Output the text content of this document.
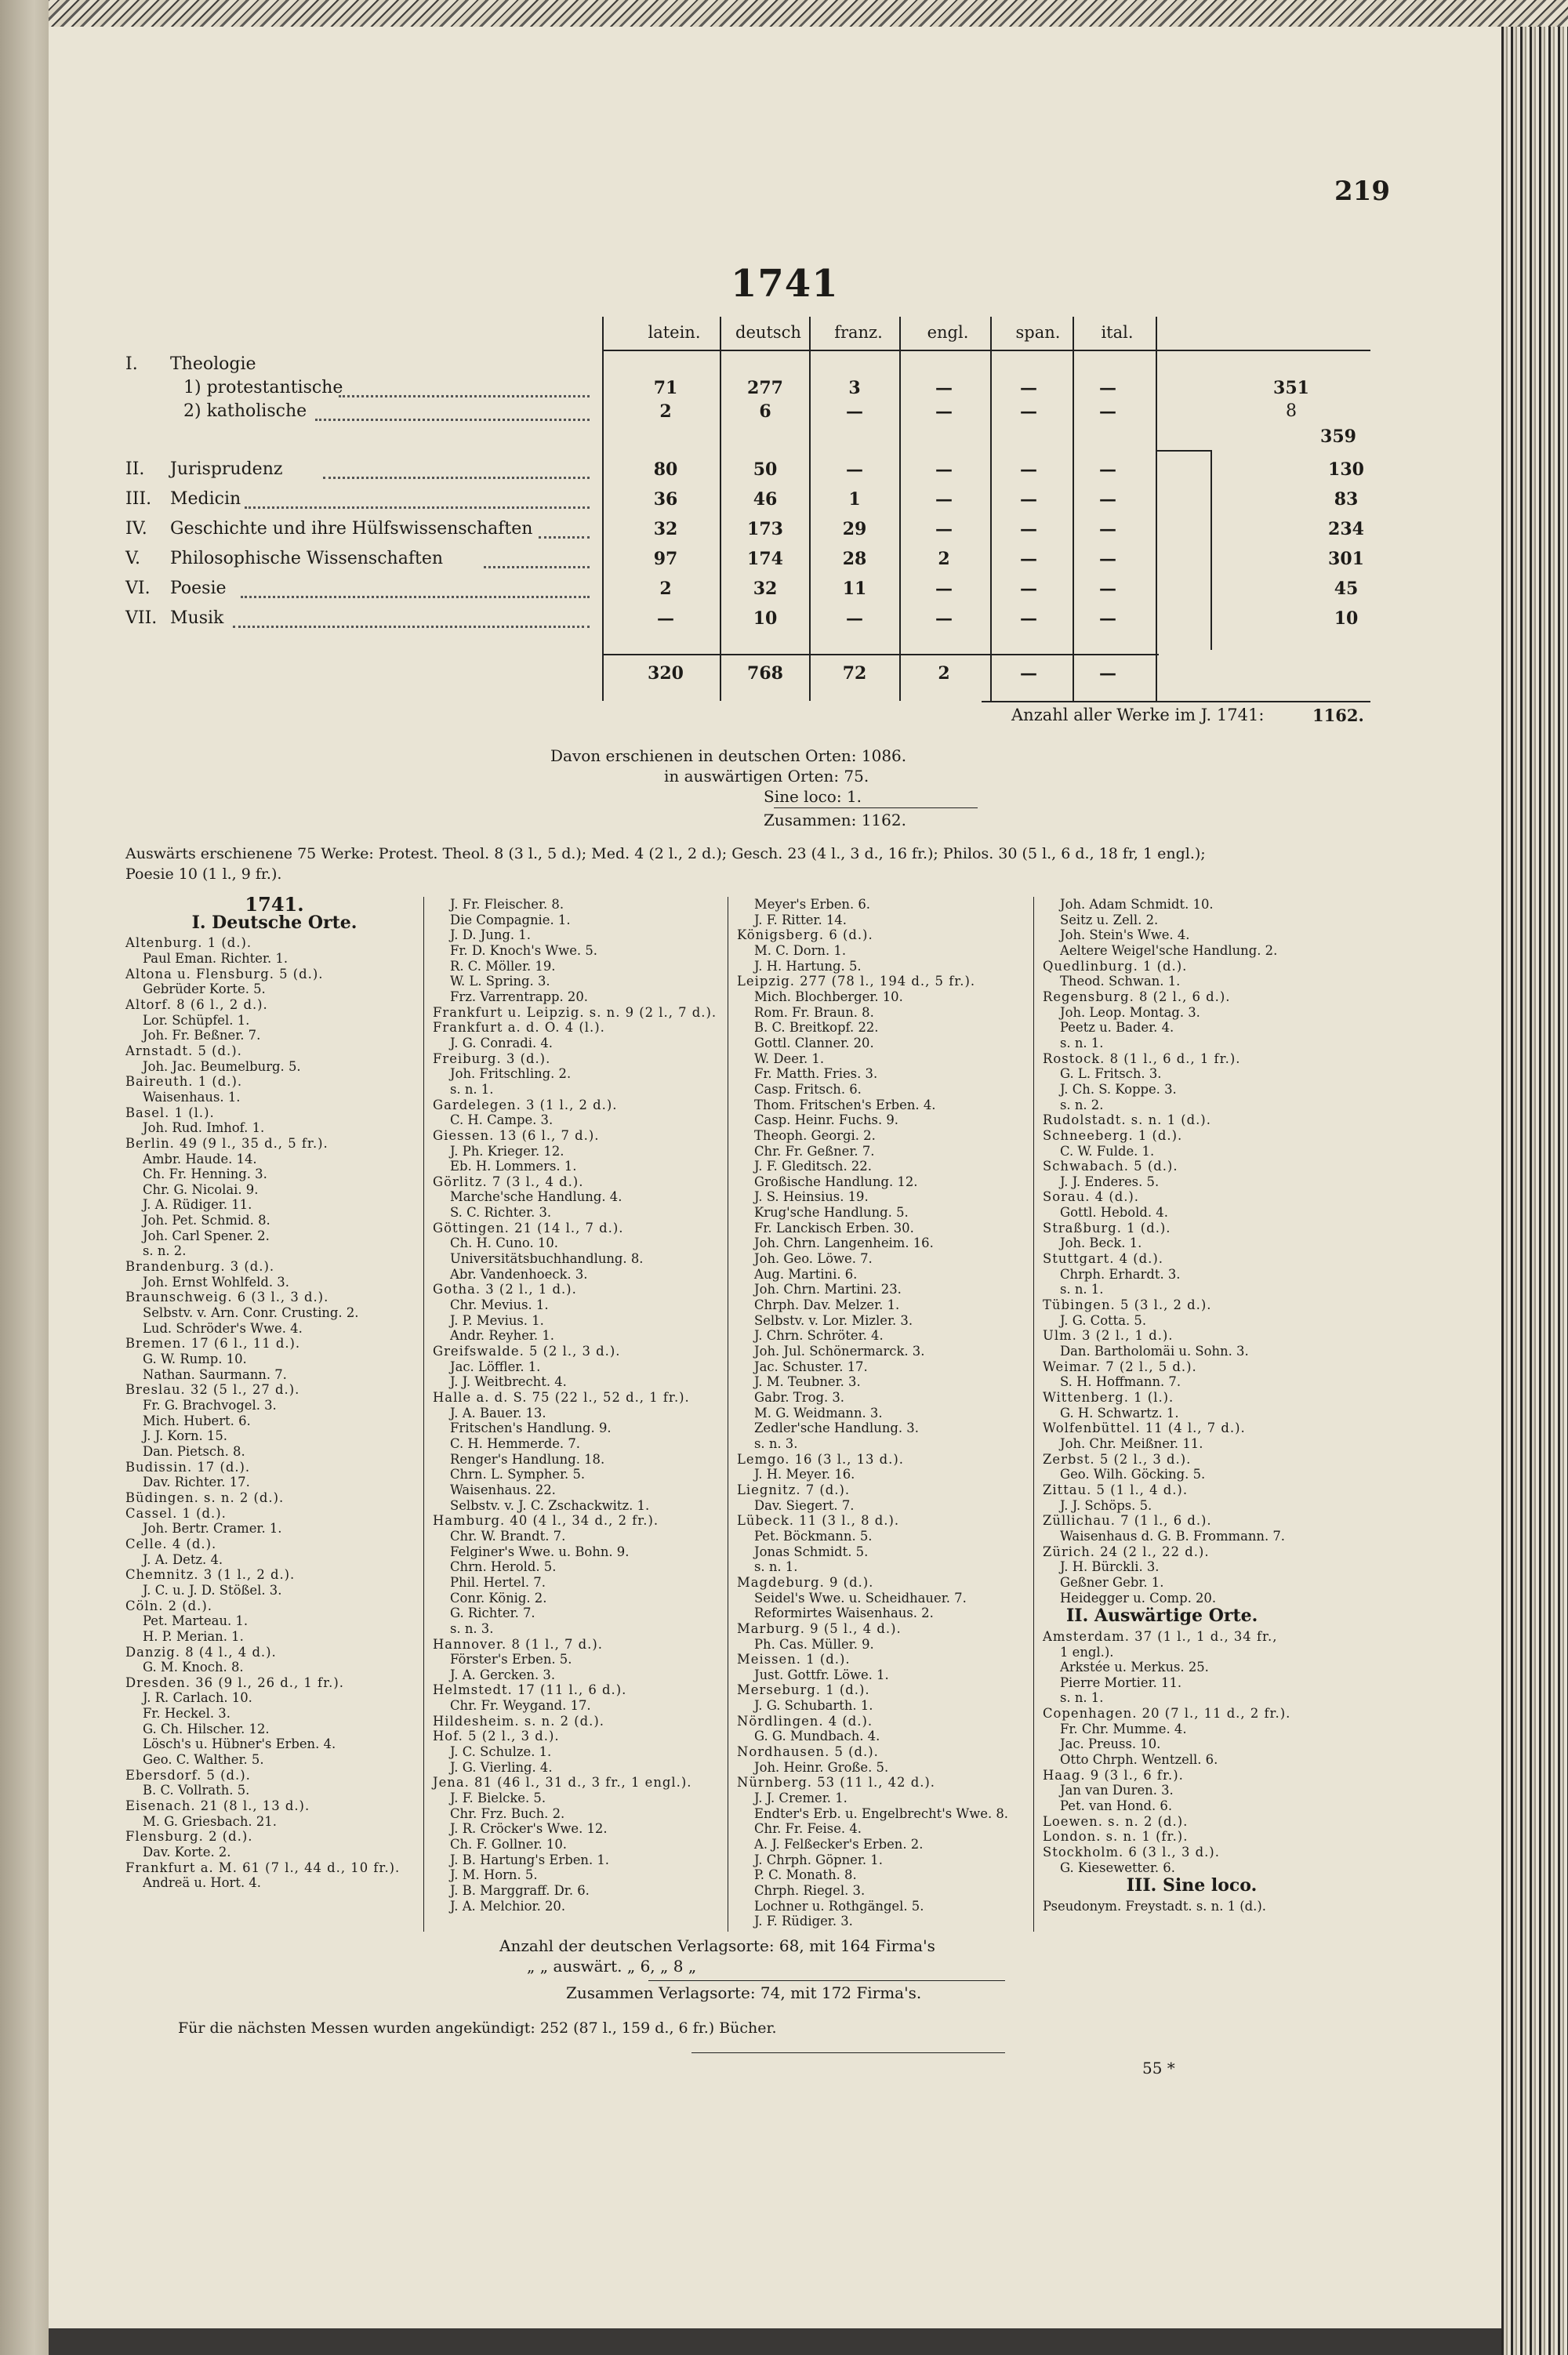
219
1741
latein.	deutsch	franz.	engl.	span.	ital.
I. Theologie
1) protestantische	71	277	3	—	—	—	351
2) katholische	2	6	—	—	—	—	8
359
II. Jurisprudenz	80	50	—	—	—	—	130
III. Medicin	36	46	1	—	—	—	83
IV. Geschichte und ihre Hülfswissenschaften	32	173	29	—	—	—	234
V. Philosophische Wissenschaften	97	174	28	2	—	—	301
VI. Poesie	2	32	11	—	—	—	45
VII. Musik	—	10	—	—	—	—	10
320	768	72	2	—	—
Anzahl aller Werke im J. 1741:	1162.
Davon erschienen in deutschen Orten: 1086.
in auswärtigen Orten: 75.
Sine loco: 1.
Zusammen: 1162.
Auswärts erschienene 75 Werke: Protest. Theol. 8 (3 l., 5 d.); Med. 4 (2 l., 2 d.); Gesch. 23 (4 l., 3 d., 16 fr.); Philos. 30 (5 l., 6 d., 18 fr, 1 engl.);
Poesie 10 (1 l., 9 fr.).
1741.
I. Deutsche Orte.
Altenburg. 1 (d.).
Paul Eman. Richter. 1.
Altona u. Flensburg. 5 (d.).
Gebrüder Korte. 5.
Altorf. 8 (6 l., 2 d.).
Lor. Schüpfel. 1.
Joh. Fr. Beßner. 7.
Arnstadt. 5 (d.).
Joh. Jac. Beumelburg. 5.
Baireuth. 1 (d.).
Waisenhaus. 1.
Basel. 1 (l.).
Joh. Rud. Imhof. 1.
Berlin. 49 (9 l., 35 d., 5 fr.).
Ambr. Haude. 14.
Ch. Fr. Henning. 3.
Chr. G. Nicolai. 9.
J. A. Rüdiger. 11.
Joh. Pet. Schmid. 8.
Joh. Carl Spener. 2.
s. n. 2.
Brandenburg. 3 (d.).
Joh. Ernst Wohlfeld. 3.
Braunschweig. 6 (3 l., 3 d.).
Selbstv. v. Arn. Conr. Crusting. 2.
Lud. Schröder's Wwe. 4.
Bremen. 17 (6 l., 11 d.).
G. W. Rump. 10.
Nathan. Saurmann. 7.
Breslau. 32 (5 l., 27 d.).
Fr. G. Brachvogel. 3.
Mich. Hubert. 6.
J. J. Korn. 15.
Dan. Pietsch. 8.
Budissin. 17 (d.).
Dav. Richter. 17.
Büdingen. s. n. 2 (d.).
Cassel. 1 (d.).
Joh. Bertr. Cramer. 1.
Celle. 4 (d.).
J. A. Detz. 4.
Chemnitz. 3 (1 l., 2 d.).
J. C. u. J. D. Stößel. 3.
Cöln. 2 (d.).
Pet. Marteau. 1.
H. P. Merian. 1.
Danzig. 8 (4 l., 4 d.).
G. M. Knoch. 8.
Dresden. 36 (9 l., 26 d., 1 fr.).
J. R. Carlach. 10.
Fr. Heckel. 3.
G. Ch. Hilscher. 12.
Lösch's u. Hübner's Erben. 4.
Geo. C. Walther. 5.
Ebersdorf. 5 (d.).
B. C. Vollrath. 5.
Eisenach. 21 (8 l., 13 d.).
M. G. Griesbach. 21.
Flensburg. 2 (d.).
Dav. Korte. 2.
Frankfurt a. M. 61 (7 l., 44 d., 10 fr.).
Andreä u. Hort. 4.
J. Fr. Fleischer. 8.
Die Compagnie. 1.
J. D. Jung. 1.
Fr. D. Knoch's Wwe. 5.
R. C. Möller. 19.
W. L. Spring. 3.
Frz. Varrentrapp. 20.
Frankfurt u. Leipzig. s. n. 9 (2 l., 7 d.).
Frankfurt a. d. O. 4 (l.).
J. G. Conradi. 4.
Freiburg. 3 (d.).
Joh. Fritschling. 2.
s. n. 1.
Gardelegen. 3 (1 l., 2 d.).
C. H. Campe. 3.
Giessen. 13 (6 l., 7 d.).
J. Ph. Krieger. 12.
Eb. H. Lommers. 1.
Görlitz. 7 (3 l., 4 d.).
Marche'sche Handlung. 4.
S. C. Richter. 3.
Göttingen. 21 (14 l., 7 d.).
Ch. H. Cuno. 10.
Universitätsbuchhandlung. 8.
Abr. Vandenhoeck. 3.
Gotha. 3 (2 l., 1 d.).
Chr. Mevius. 1.
J. P. Mevius. 1.
Andr. Reyher. 1.
Greifswalde. 5 (2 l., 3 d.).
Jac. Löffler. 1.
J. J. Weitbrecht. 4.
Halle a. d. S. 75 (22 l., 52 d., 1 fr.).
J. A. Bauer. 13.
Fritschen's Handlung. 9.
C. H. Hemmerde. 7.
Renger's Handlung. 18.
Chrn. L. Sympher. 5.
Waisenhaus. 22.
Selbstv. v. J. C. Zschackwitz. 1.
Hamburg. 40 (4 l., 34 d., 2 fr.).
Chr. W. Brandt. 7.
Felginer's Wwe. u. Bohn. 9.
Chrn. Herold. 5.
Phil. Hertel. 7.
Conr. König. 2.
G. Richter. 7.
s. n. 3.
Hannover. 8 (1 l., 7 d.).
Förster's Erben. 5.
J. A. Gercken. 3.
Helmstedt. 17 (11 l., 6 d.).
Chr. Fr. Weygand. 17.
Hildesheim. s. n. 2 (d.).
Hof. 5 (2 l., 3 d.).
J. C. Schulze. 1.
J. G. Vierling. 4.
Jena. 81 (46 l., 31 d., 3 fr., 1 engl.).
J. F. Bielcke. 5.
Chr. Frz. Buch. 2.
J. R. Cröcker's Wwe. 12.
Ch. F. Gollner. 10.
J. B. Hartung's Erben. 1.
J. M. Horn. 5.
J. B. Marggraff. Dr. 6.
J. A. Melchior. 20.
Meyer's Erben. 6.
J. F. Ritter. 14.
Königsberg. 6 (d.).
M. C. Dorn. 1.
J. H. Hartung. 5.
Leipzig. 277 (78 l., 194 d., 5 fr.).
Mich. Blochberger. 10.
Rom. Fr. Braun. 8.
B. C. Breitkopf. 22.
Gottl. Clanner. 20.
W. Deer. 1.
Fr. Matth. Fries. 3.
Casp. Fritsch. 6.
Thom. Fritschen's Erben. 4.
Casp. Heinr. Fuchs. 9.
Theoph. Georgi. 2.
Chr. Fr. Geßner. 7.
J. F. Gleditsch. 22.
Großische Handlung. 12.
J. S. Heinsius. 19.
Krug'sche Handlung. 5.
Fr. Lanckisch Erben. 30.
Joh. Chrn. Langenheim. 16.
Joh. Geo. Löwe. 7.
Aug. Martini. 6.
Joh. Chrn. Martini. 23.
Chrph. Dav. Melzer. 1.
Selbstv. v. Lor. Mizler. 3.
J. Chrn. Schröter. 4.
Joh. Jul. Schönermarck. 3.
Jac. Schuster. 17.
J. M. Teubner. 3.
Gabr. Trog. 3.
M. G. Weidmann. 3.
Zedler'sche Handlung. 3.
s. n. 3.
Lemgo. 16 (3 l., 13 d.).
J. H. Meyer. 16.
Liegnitz. 7 (d.).
Dav. Siegert. 7.
Lübeck. 11 (3 l., 8 d.).
Pet. Böckmann. 5.
Jonas Schmidt. 5.
s. n. 1.
Magdeburg. 9 (d.).
Seidel's Wwe. u. Scheidhauer. 7.
Reformirtes Waisenhaus. 2.
Marburg. 9 (5 l., 4 d.).
Ph. Cas. Müller. 9.
Meissen. 1 (d.).
Just. Gottfr. Löwe. 1.
Merseburg. 1 (d.).
J. G. Schubarth. 1.
Nördlingen. 4 (d.).
G. G. Mundbach. 4.
Nordhausen. 5 (d.).
Joh. Heinr. Große. 5.
Nürnberg. 53 (11 l., 42 d.).
J. J. Cremer. 1.
Endter's Erb. u. Engelbrecht's Wwe. 8.
Chr. Fr. Feise. 4.
A. J. Felßecker's Erben. 2.
J. Chrph. Göpner. 1.
P. C. Monath. 8.
Chrph. Riegel. 3.
Lochner u. Rothgängel. 5.
J. F. Rüdiger. 3.
Joh. Adam Schmidt. 10.
Seitz u. Zell. 2.
Joh. Stein's Wwe. 4.
Aeltere Weigel'sche Handlung. 2.
Quedlinburg. 1 (d.).
Theod. Schwan. 1.
Regensburg. 8 (2 l., 6 d.).
Joh. Leop. Montag. 3.
Peetz u. Bader. 4.
s. n. 1.
Rostock. 8 (1 l., 6 d., 1 fr.).
G. L. Fritsch. 3.
J. Ch. S. Koppe. 3.
s. n. 2.
Rudolstadt. s. n. 1 (d.).
Schneeberg. 1 (d.).
C. W. Fulde. 1.
Schwabach. 5 (d.).
J. J. Enderes. 5.
Sorau. 4 (d.).
Gottl. Hebold. 4.
Straßburg. 1 (d.).
Joh. Beck. 1.
Stuttgart. 4 (d.).
Chrph. Erhardt. 3.
s. n. 1.
Tübingen. 5 (3 l., 2 d.).
J. G. Cotta. 5.
Ulm. 3 (2 l., 1 d.).
Dan. Bartholomäi u. Sohn. 3.
Weimar. 7 (2 l., 5 d.).
S. H. Hoffmann. 7.
Wittenberg. 1 (l.).
G. H. Schwartz. 1.
Wolfenbüttel. 11 (4 l., 7 d.).
Joh. Chr. Meißner. 11.
Zerbst. 5 (2 l., 3 d.).
Geo. Wilh. Göcking. 5.
Zittau. 5 (1 l., 4 d.).
J. J. Schöps. 5.
Züllichau. 7 (1 l., 6 d.).
Waisenhaus d. G. B. Frommann. 7.
Zürich. 24 (2 l., 22 d.).
J. H. Bürckli. 3.
Geßner Gebr. 1.
Heidegger u. Comp. 20.
II. Auswärtige Orte.
Amsterdam. 37 (1 l., 1 d., 34 fr.,
1 engl.).
Arkstée u. Merkus. 25.
Pierre Mortier. 11.
s. n. 1.
Copenhagen. 20 (7 l., 11 d., 2 fr.).
Fr. Chr. Mumme. 4.
Jac. Preuss. 10.
Otto Chrph. Wentzell. 6.
Haag. 9 (3 l., 6 fr.).
Jan van Duren. 3.
Pet. van Hond. 6.
Loewen. s. n. 2 (d.).
London. s. n. 1 (fr.).
Stockholm. 6 (3 l., 3 d.).
G. Kiesewetter. 6.
III. Sine loco.
Pseudonym. Freystadt. s. n. 1 (d.).
Anzahl der deutschen Verlagsorte: 68, mit 164 Firma's
„ „ auswärt. „ 6, „ 8 „
Zusammen Verlagsorte: 74, mit 172 Firma's.
Für die nächsten Messen wurden angekündigt: 252 (87 l., 159 d., 6 fr.) Bücher.
55 *
